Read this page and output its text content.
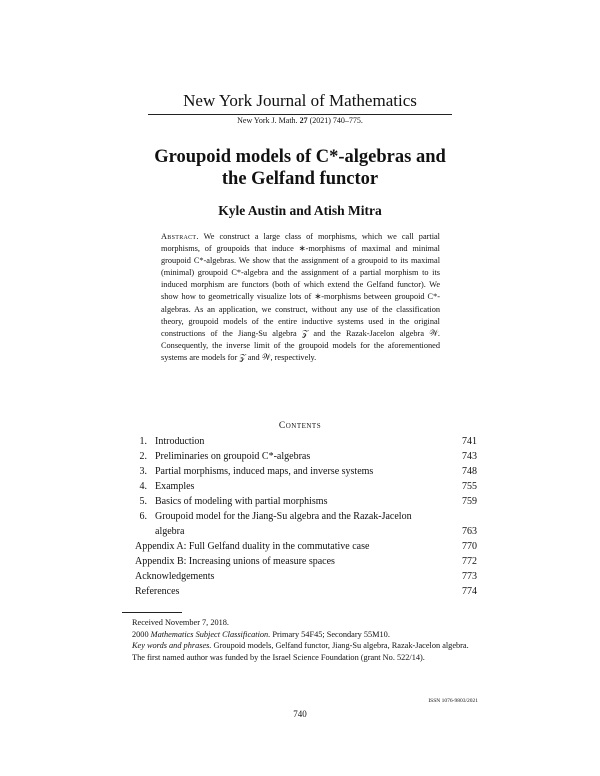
New York Journal of Mathematics
New York J. Math. 27 (2021) 740–775.
Groupoid models of C*-algebras and
the Gelfand functor
Kyle Austin and Atish Mitra
Abstract. We construct a large class of morphisms, which we call partial morphisms, of groupoids that induce ∗-morphisms of maximal and minimal groupoid C*-algebras. We show that the assignment of a groupoid to its maximal (minimal) groupoid C*-algebra and the assignment of a partial morphism to its induced morphism are functors (both of which extend the Gelfand functor). We show how to geometrically visualize lots of ∗-morphisms between groupoid C*-algebras. As an application, we construct, without any use of the classification theory, groupoid models of the entire inductive systems used in the original constructions of the Jiang-Su algebra 𝒵 and the Razak-Jacelon algebra 𝒲. Consequently, the inverse limit of the groupoid models for the aforementioned systems are models for 𝒵 and 𝒲, respectively.
Contents
1. Introduction	741
2. Preliminaries on groupoid C*-algebras	743
3. Partial morphisms, induced maps, and inverse systems	748
4. Examples	755
5. Basics of modeling with partial morphisms	759
6. Groupoid model for the Jiang-Su algebra and the Razak-Jacelon
algebra	763
Appendix A: Full Gelfand duality in the commutative case	770
Appendix B: Increasing unions of measure spaces	772
Acknowledgements	773
References	774

Received November 7, 2018.

2000 Mathematics Subject Classification. Primary 54F45; Secondary 55M10.

Key words and phrases. Groupoid models, Gelfand functor, Jiang-Su algebra, Razak-Jacelon algebra.

The first named author was funded by the Israel Science Foundation (grant No. 522/14).

ISSN 1076-9803/2021
740
